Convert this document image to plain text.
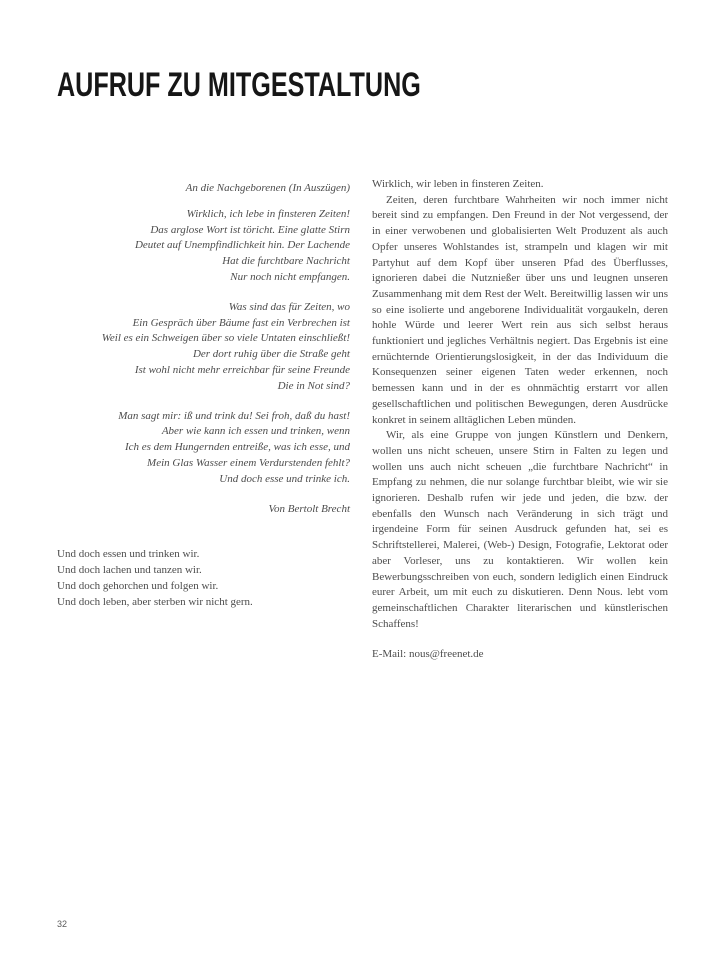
AUFRUF ZU MITGESTALTUNG
An die Nachgeborenen (In Auszügen)
Wirklich, ich lebe in finsteren Zeiten!
Das arglose Wort ist töricht. Eine glatte Stirn
Deutet auf Unempfindlichkeit hin. Der Lachende
Hat die furchtbare Nachricht
Nur noch nicht empfangen.
Was sind das für Zeiten, wo
Ein Gespräch über Bäume fast ein Verbrechen ist
Weil es ein Schweigen über so viele Untaten einschließt!
Der dort ruhig über die Straße geht
Ist wohl nicht mehr erreichbar für seine Freunde
Die in Not sind?
Man sagt mir: iß und trink du! Sei froh, daß du hast!
Aber wie kann ich essen und trinken, wenn
Ich es dem Hungernden entreiße, was ich esse, und
Mein Glas Wasser einem Verdurstenden fehlt?
Und doch esse und trinke ich.
Von Bertolt Brecht
Und doch essen und trinken wir.
Und doch lachen und tanzen wir.
Und doch gehorchen und folgen wir.
Und doch leben, aber sterben wir nicht gern.

Wirklich, wir leben in finsteren Zeiten.

Zeiten, deren furchtbare Wahrheiten wir noch immer nicht bereit sind zu empfangen. Den Freund in der Not vergessend, der in einer verwobenen und globalisierten Welt Produzent als auch Opfer unseres Wohlstandes ist, strampeln und klagen wir mit Partyhut auf dem Kopf über unseren Pfad des Überflusses, ignorieren dabei die Nutznießer über uns und leugnen unseren Zusammenhang mit dem Rest der Welt. Bereitwillig lassen wir uns so eine isolierte und angeborene Individualität vorgaukeln, deren hohle Würde und leerer Wert rein aus sich selbst heraus funktioniert und jegliches Verhältnis negiert. Das Ergebnis ist eine ernüchternde Orientierungslosigkeit, in der das Individuum die Konsequenzen seiner eigenen Taten weder erkennen, noch bemessen kann und in der es ohnmächtig erstarrt vor allen gesellschaftlichen und politischen Bewegungen, deren Ausdrücke konkret in seinem alltäglichen Leben münden.

Wir, als eine Gruppe von jungen Künstlern und Denkern, wollen uns nicht scheuen, unsere Stirn in Falten zu legen und wollen uns auch nicht scheuen „die furchtbare Nachricht“ in Empfang zu nehmen, die nur solange furchtbar bleibt, wie wir sie ignorieren. Deshalb rufen wir jede und jeden, die bzw. der ebenfalls den Wunsch nach Veränderung in sich trägt und irgendeine Form für seinen Ausdruck gefunden hat, sei es Schriftstellerei, Malerei, (Web-) Design, Fotografie, Lektorat oder aber Vorleser, uns zu kontaktieren. Wir wollen kein Bewerbungsschreiben von euch, sondern lediglich einen Eindruck eurer Arbeit, um mit euch zu diskutieren. Denn Nous. lebt vom gemeinschaftlichen Charakter literarischen und künstlerischen Schaffens!

E-Mail: nous@freenet.de

32
